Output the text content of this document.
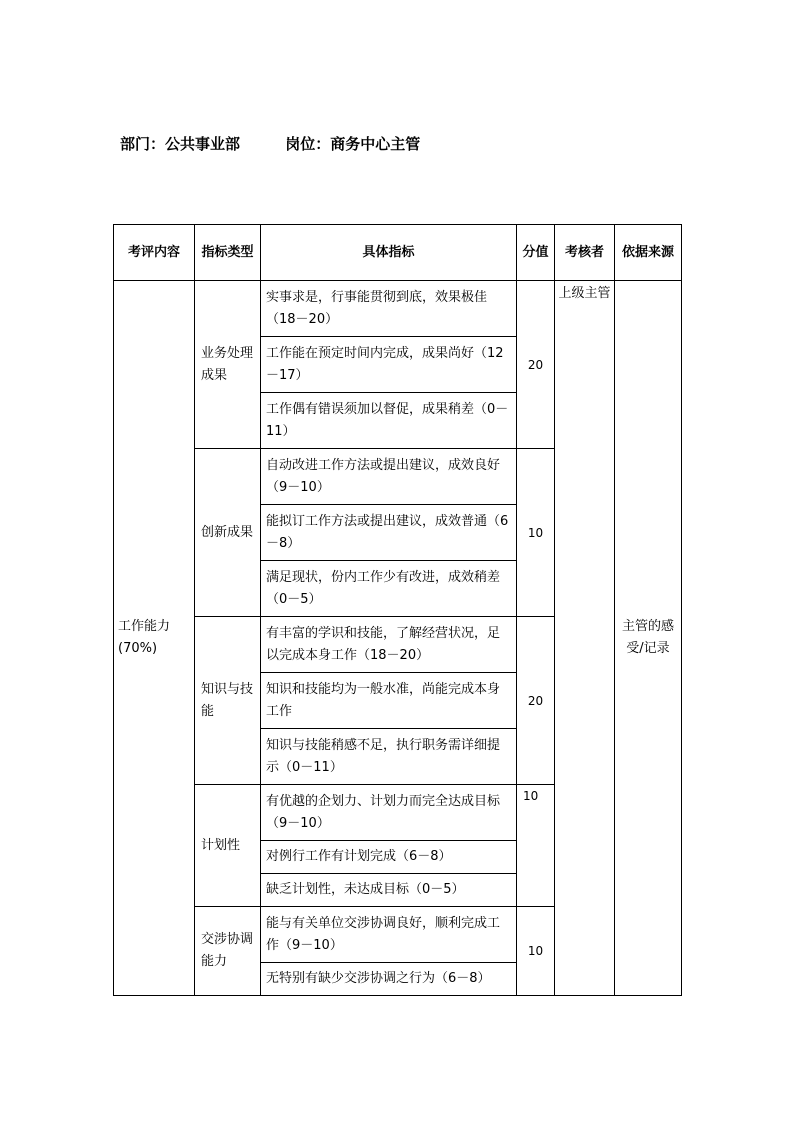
部门：公共事业部	岗位：商务中心主管
考评内容	指标类型	具体指标	分值	考核者	依据来源
工作能力
(70%)	业务处理成果	实事求是，行事能贯彻到底，效果极佳（18－20）	20	上级主管	主管的感受/记录
		工作能在预定时间内完成，成果尚好（12－17）			
		工作偶有错误须加以督促，成果稍差（0－11）			
	创新成果	自动改进工作方法或提出建议，成效良好（9－10）	10		
		能拟订工作方法或提出建议，成效普通（6－8）			
		满足现状，份内工作少有改进，成效稍差（0－5）			
	知识与技能	有丰富的学识和技能，了解经营状况，足以完成本身工作（18－20）	20		
		知识和技能均为一般水准，尚能完成本身工作			
		知识与技能稍感不足，执行职务需详细提示（0－11）			
	计划性	有优越的企划力、计划力而完全达成目标（9－10）	10		
		对例行工作有计划完成（6－8）			
		缺乏计划性，未达成目标（0－5）			
	交涉协调能力	能与有关单位交涉协调良好，顺利完成工作（9－10）	10		
		无特别有缺少交涉协调之行为（6－8）			
